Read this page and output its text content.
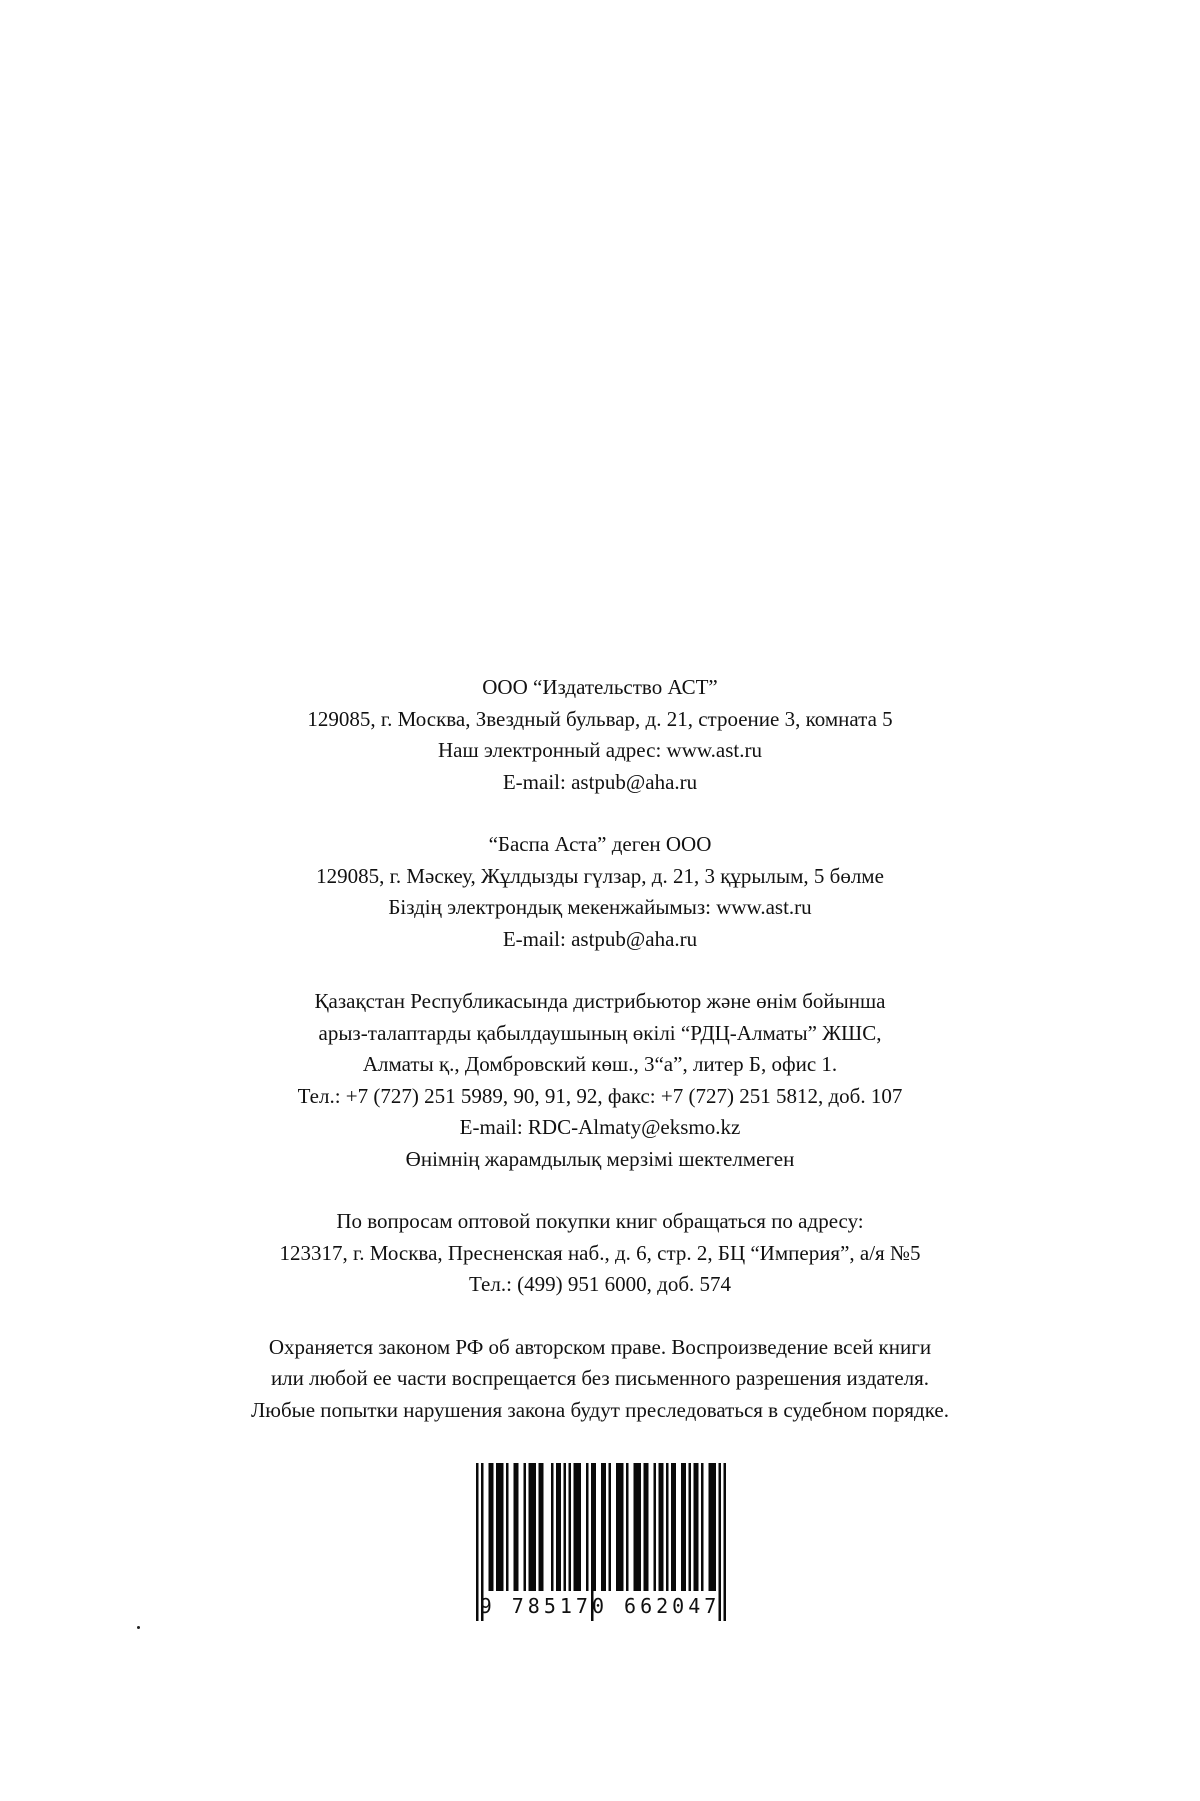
ООО “Издательство АСТ”
129085, г. Москва, Звездный бульвар, д. 21, строение 3, комната 5
Наш электронный адрес: www.ast.ru
E-mail: astpub@aha.ru
“Баспа Аста” деген ООО
129085, г. Мәскеу, Жұлдызды гүлзар, д. 21, 3 құрылым, 5 бөлме
Біздің электрондық мекенжайымыз: www.ast.ru
E-mail: astpub@aha.ru
Қазақстан Республикасында дистрибьютор және өнім бойынша
арыз-талаптарды қабылдаушының өкілі “РДЦ-Алматы” ЖШС,
Алматы қ., Домбровский көш., 3“а”, литер Б, офис 1.
Тел.: +7 (727) 251 5989, 90, 91, 92, факс: +7 (727) 251 5812, доб. 107
E-mail: RDC-Almaty@eksmo.kz
Өнімнің жарамдылық мерзімі шектелмеген
По вопросам оптовой покупки книг обращаться по адресу:
123317, г. Москва, Пресненская наб., д. 6, стр. 2, БЦ “Империя”, а/я №5
Тел.: (499) 951 6000, доб. 574
Охраняется законом РФ об авторском праве. Воспроизведение всей книги
или любой ее части воспрещается без письменного разрешения издателя.
Любые попытки нарушения закона будут преследоваться в судебном порядке.
9 785170 662047
